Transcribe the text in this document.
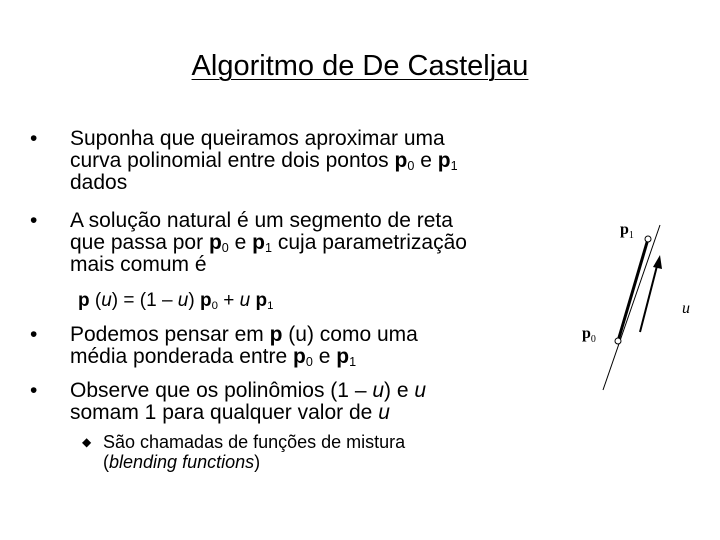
Algoritmo de De Casteljau
• Suponha que queiramos aproximar uma
curva polinomial entre dois pontos $p_0$ e $p_1$
dados
• A solução natural é um segmento de reta
que passa por $p_0$ e $p_1$ cuja parametrização
mais comum é
p (u) = (1 – u) $p_0 + u$ $p_1$
• Podemos pensar em p (u) como uma
média ponderada entre $p_0$ e $p_1$
• Observe que os polinômios (1 – u) e u
somam 1 para qualquer valor de u
◆ São chamadas de funções de mistura
(blending functions)
$p_0$
$p_1$
u
